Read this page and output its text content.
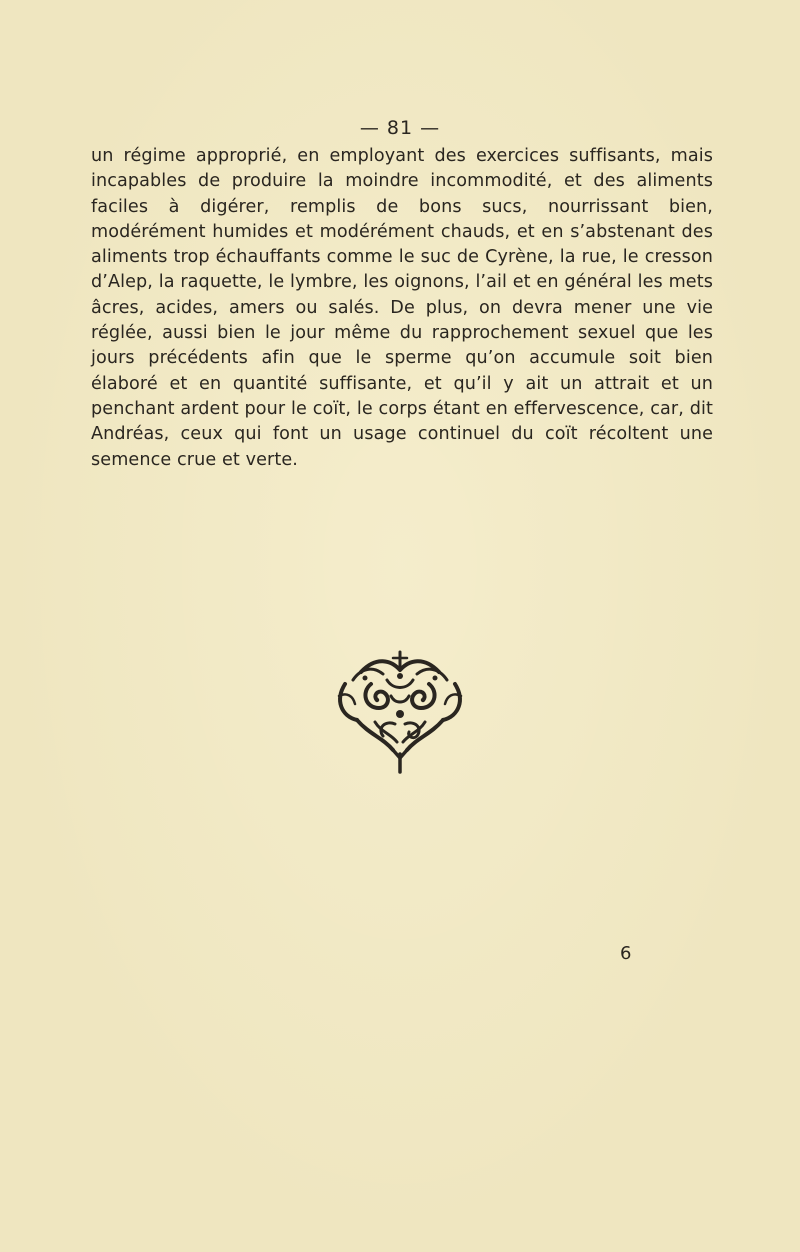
— 81 —

un régime approprié, en employant des exercices suffisants, mais incapables de produire la moindre incommodité, et des aliments faciles à digérer, remplis de bons sucs, nourrissant bien, modérément humides et modérément chauds, et en s’abstenant des aliments trop échauffants comme le suc de Cyrène, la rue, le cresson d’Alep, la raquette, le lymbre, les oignons, l’ail et en général les mets âcres, acides, amers ou salés. De plus, on devra mener une vie réglée, aussi bien le jour même du rapprochement sexuel que les jours précédents afin que le sperme qu’on accumule soit bien élaboré et en quantité suffisante, et qu’il y ait un attrait et un penchant ardent pour le coït, le corps étant en effervescence, car, dit Andréas, ceux qui font un usage continuel du coït récoltent une semence crue et verte.

6
